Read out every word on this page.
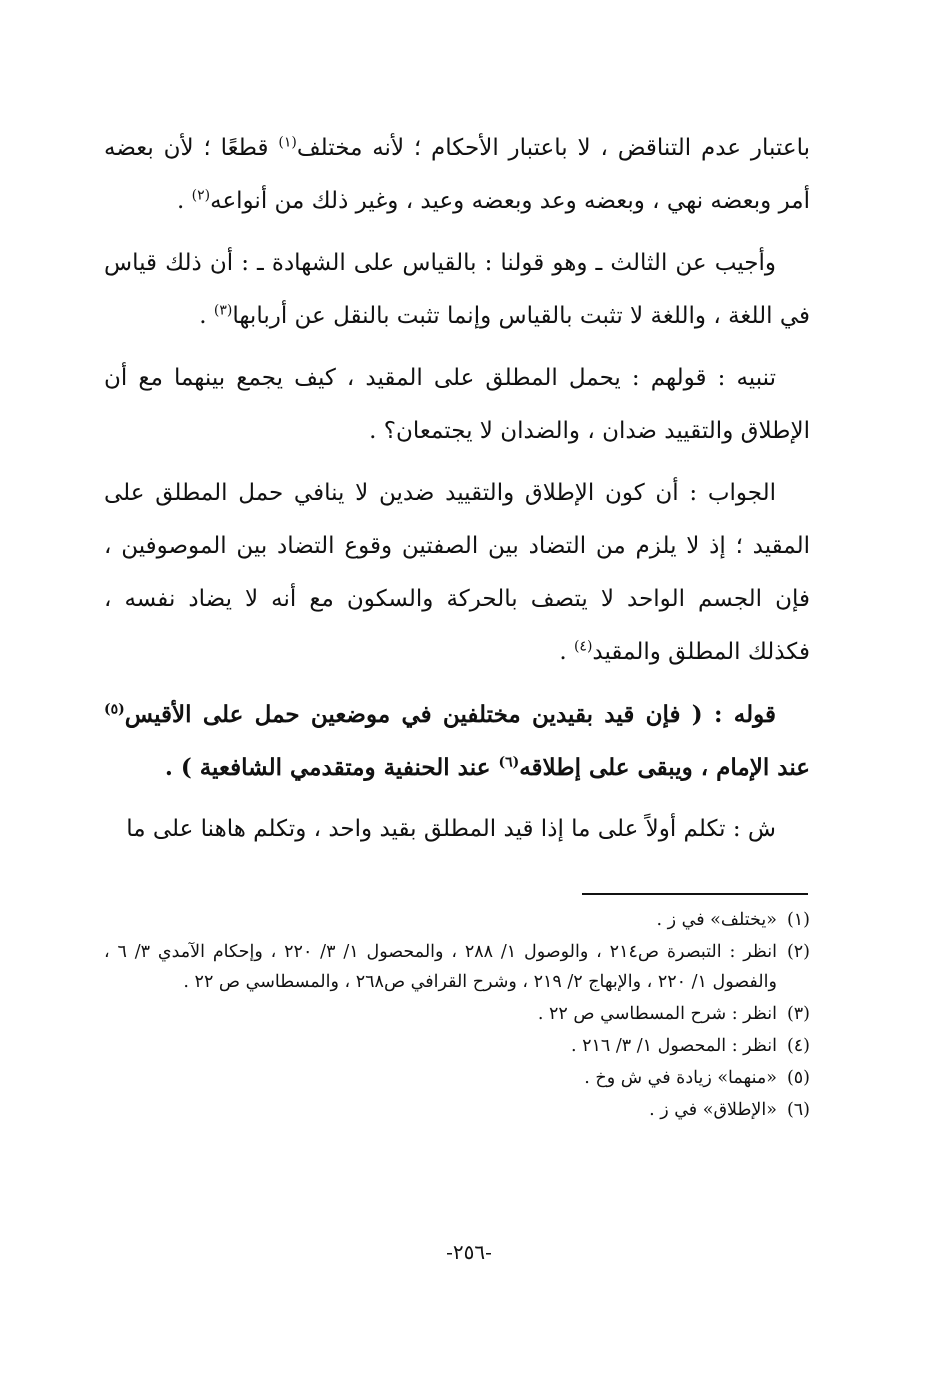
باعتبار عدم التناقض ، لا باعتبار الأحكام ؛ لأنه مختلف$^{(١)}$ قطعًا ؛ لأن بعضه أمر وبعضه نهي ، وبعضه وعد وبعضه وعيد ، وغير ذلك من أنواعه$^{(٢)}$ .

وأجيب عن الثالث ـ وهو قولنا : بالقياس على الشهادة ـ : أن ذلك قياس في اللغة ، واللغة لا تثبت بالقياس وإنما تثبت بالنقل عن أربابها$^{(٣)}$ .

تنبيه : قولهم : يحمل المطلق على المقيد ، كيف يجمع بينهما مع أن الإطلاق والتقييد ضدان ، والضدان لا يجتمعان؟ .

الجواب : أن كون الإطلاق والتقييد ضدين لا ينافي حمل المطلق على المقيد ؛ إذ لا يلزم من التضاد بين الصفتين وقوع التضاد بين الموصوفين ، فإن الجسم الواحد لا يتصف بالحركة والسكون مع أنه لا يضاد نفسه ، فكذلك المطلق والمقيد$^{(٤)}$ .

قوله : ( فإن قيد بقيدين مختلفين في موضعين حمل على الأقيس$^{(٥)}$ عند الإمام ، ويبقى على إطلاقه$^{(٦)}$ عند الحنفية ومتقدمي الشافعية ) .

ش : تكلم أولاً على ما إذا قيد المطلق بقيد واحد ، وتكلم هاهنا على ما

(١)
«يختلف» في ز .
(٢)
انظر : التبصرة ص٢١٤ ، والوصول ١/ ٢٨٨ ، والمحصول ١/ ٣/ ٢٢٠ ، وإحكام الآمدي ٣/ ٦ ، والفصول ١/ ٢٢٠ ، والإبهاج ٢/ ٢١٩ ، وشرح القرافي ص٢٦٨ ، والمسطاسي ص ٢٢ .
(٣)
انظر : شرح المسطاسي ص ٢٢ .
(٤)
انظر : المحصول ١/ ٣/ ٢١٦ .
(٥)
«منهما» زيادة في ش وخ .
(٦)
«الإطلاق» في ز .
-٢٥٦-
